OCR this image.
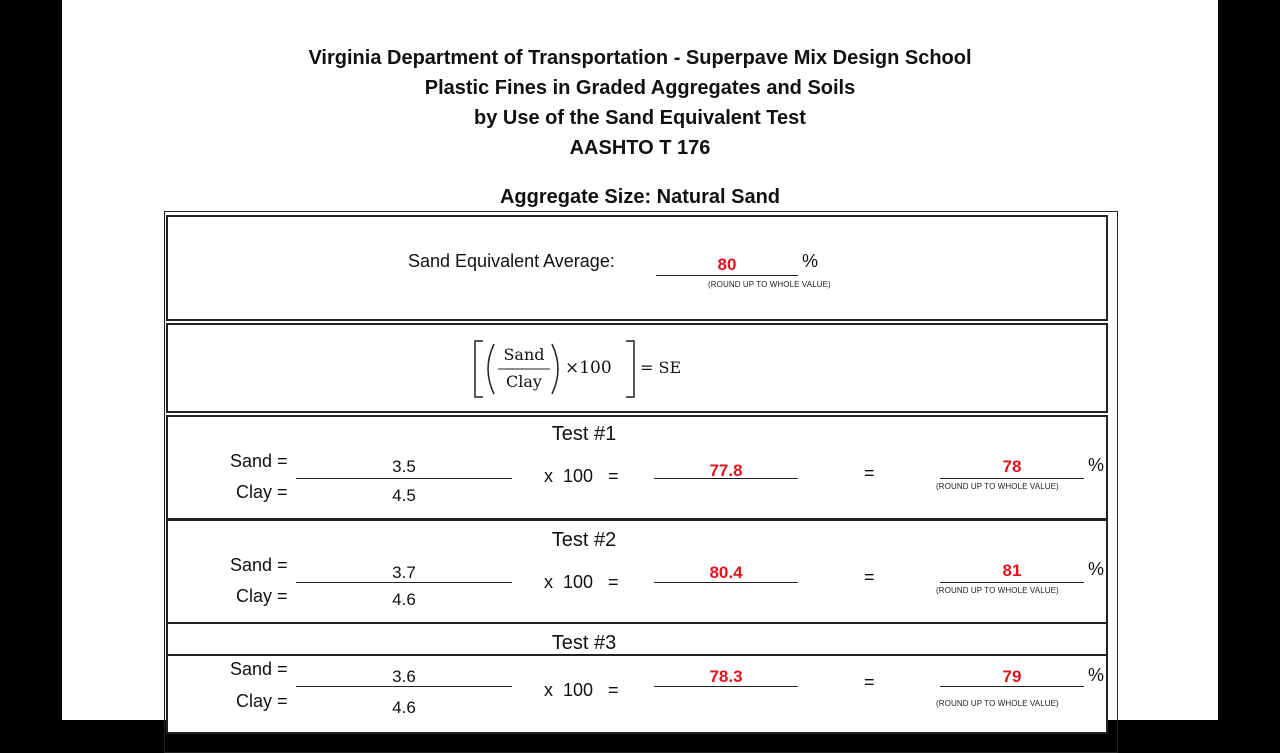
Virginia Department of Transportation - Superpave Mix Design School
Plastic Fines in Graded Aggregates and Soils
by Use of the Sand Equivalent Test
AASHTO T 176
Aggregate Size: Natural Sand
Sand Equivalent Average:	80	%
(ROUND UP TO WHOLE VALUE)
Sand
Clay
×100 = SE
Test #1
Sand =
Clay =
3.5
4.5
x  100   =	77.8	=	78	%
(ROUND UP TO WHOLE VALUE)
Test #2
Sand =
Clay =
3.7
4.6
x  100   =	80.4	=	81	%
(ROUND UP TO WHOLE VALUE)
Test #3
Sand =
Clay =
3.6
4.6
x  100   =
78.3	=	79	%
(ROUND UP TO WHOLE VALUE)
